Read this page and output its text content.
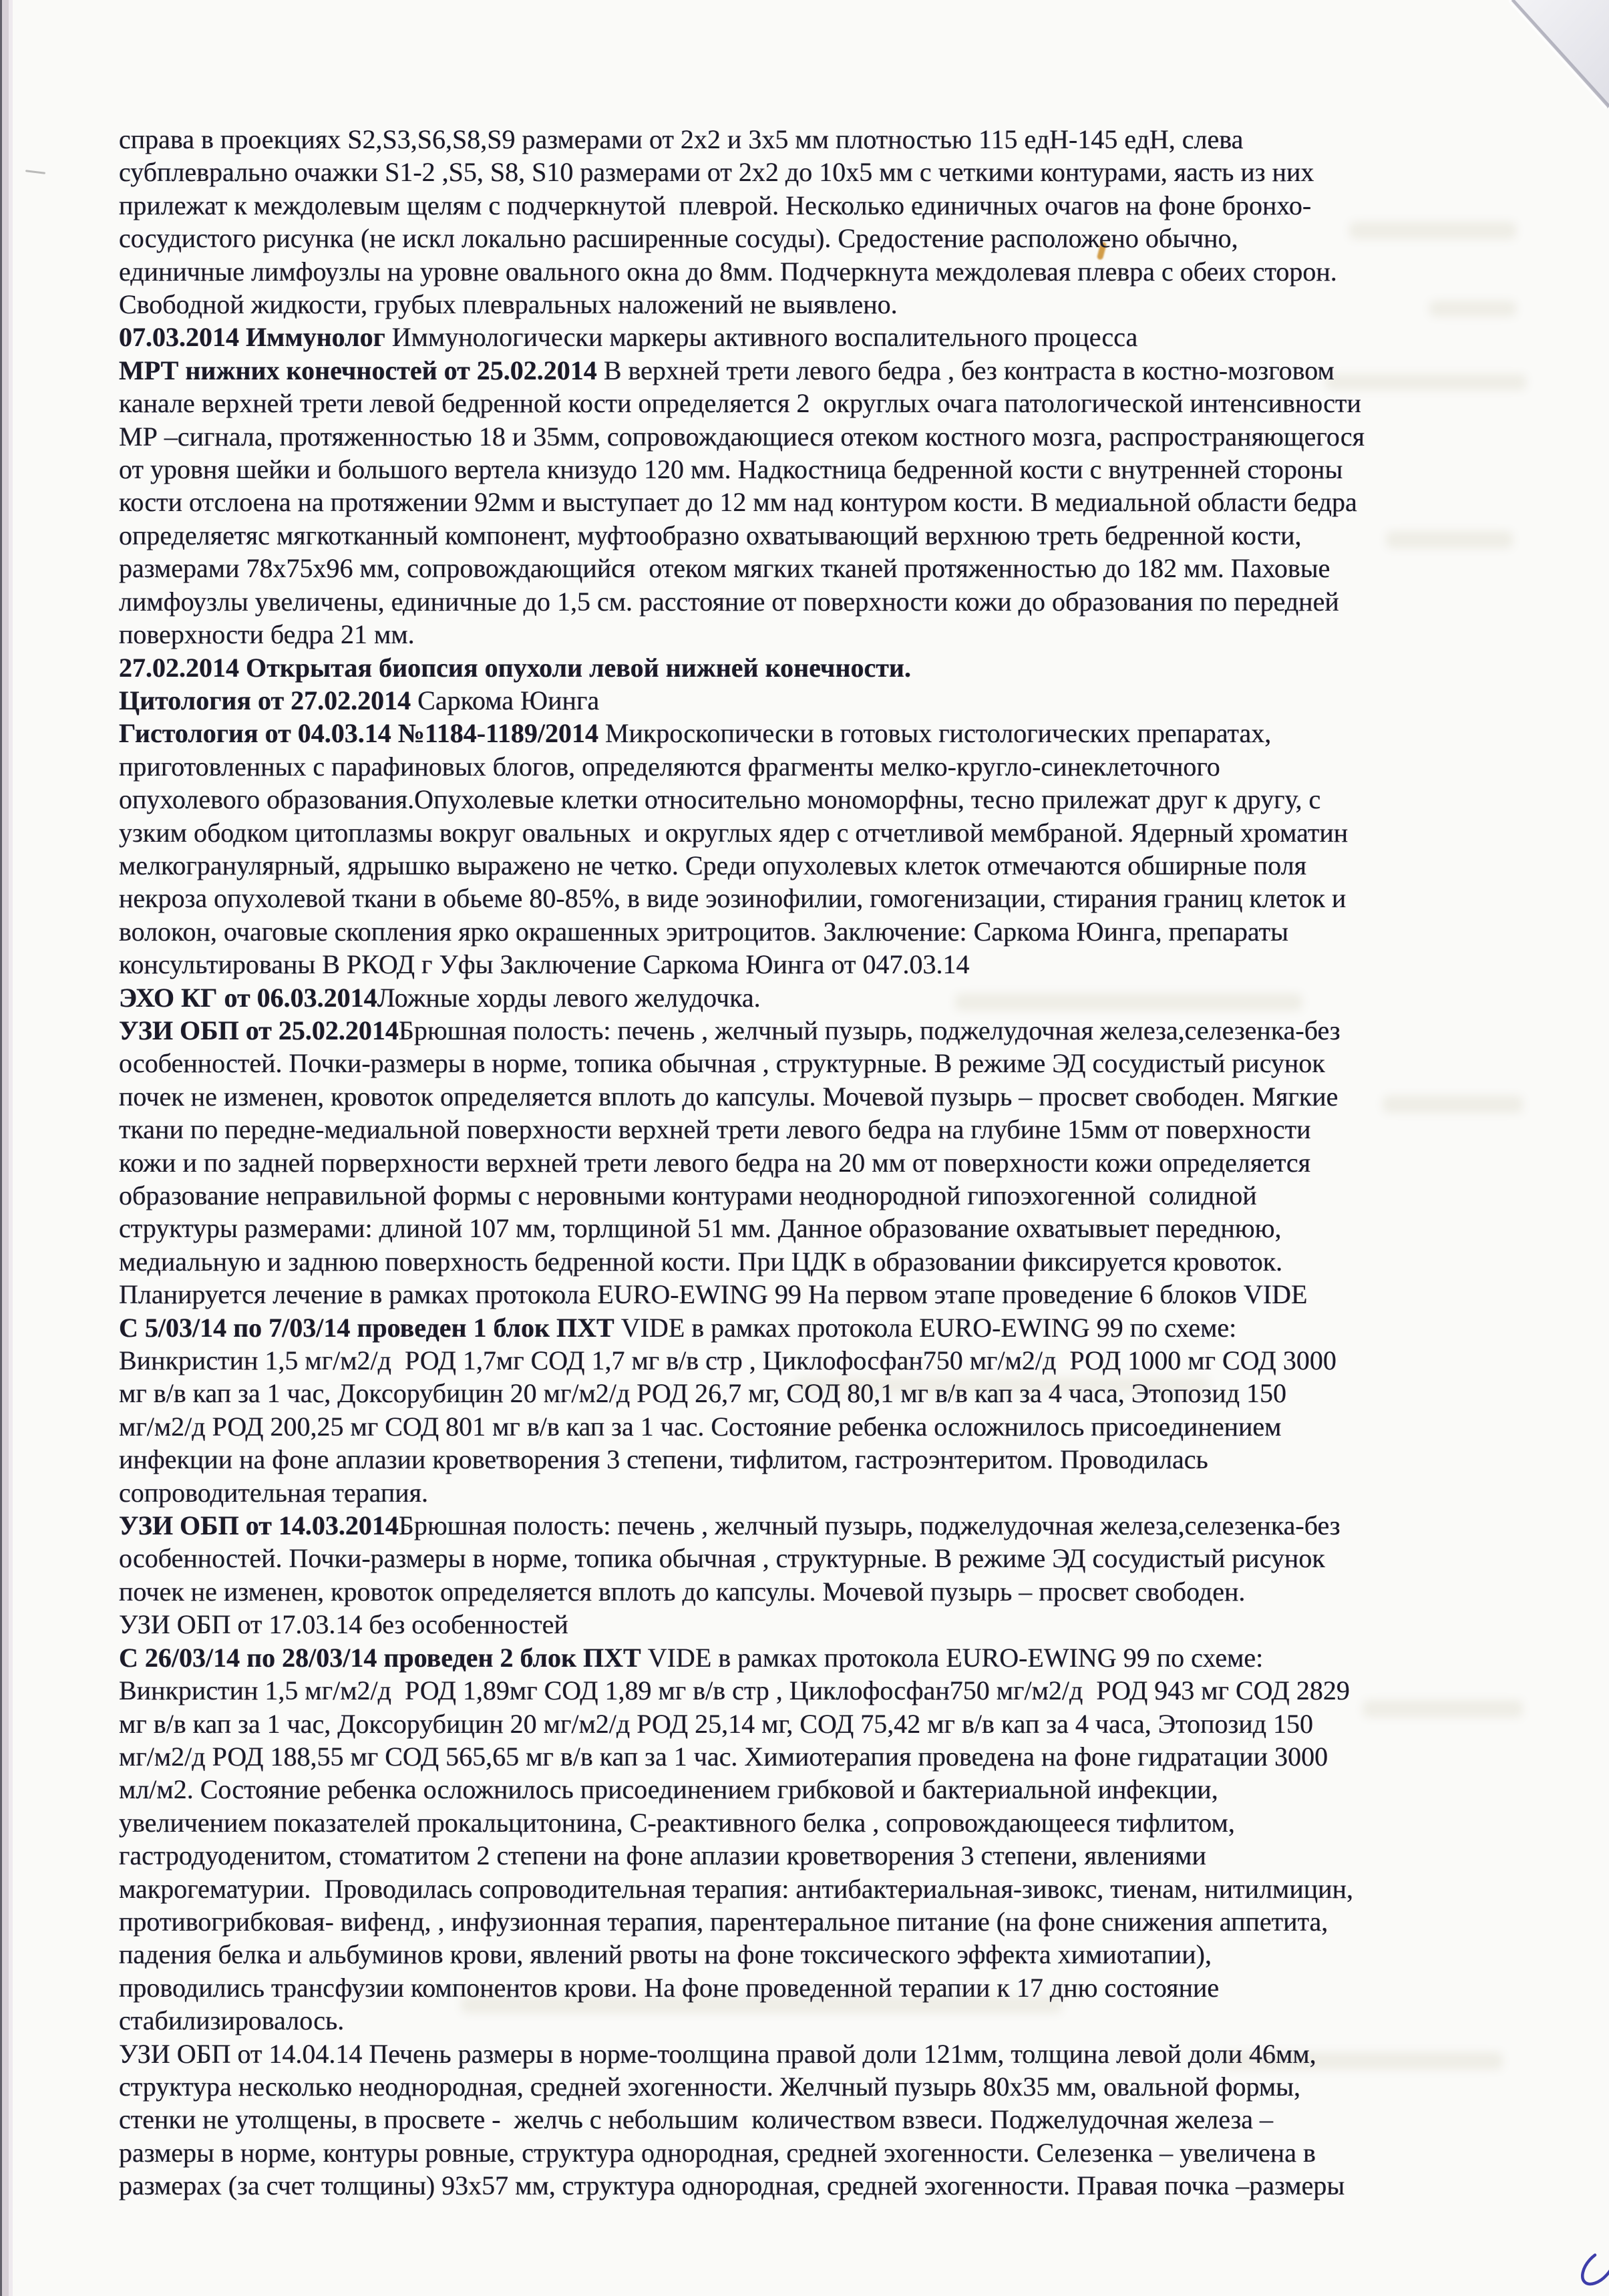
справа в проекциях S2,S3,S6,S8,S9 размерами от 2х2 и 3х5 мм плотностью 115 едН-145 едН, слева
субплеврально очажки S1-2 ,S5, S8, S10 размерами от 2х2 до 10х5 мм с четкими контурами, яасть из них
прилежат к междолевым щелям с подчеркнутой  плеврой. Несколько единичных очагов на фоне бронхо-
сосудистого рисунка (не искл локально расширенные сосуды). Средостение расположено обычно,
единичные лимфоузлы на уровне овального окна до 8мм. Подчеркнута междолевая плевра с обеих сторон.
Свободной жидкости, грубых плевральных наложений не выявлено.
07.03.2014 Иммунолог Иммунологически маркеры активного воспалительного процесса
МРТ нижних конечностей от 25.02.2014 В верхней трети левого бедра , без контраста в костно-мозговом
канале верхней трети левой бедренной кости определяется 2  округлых очага патологической интенсивности
МР –сигнала, протяженностью 18 и 35мм, сопровождающиеся отеком костного мозга, распространяющегося
от уровня шейки и большого вертела книзудо 120 мм. Надкостница бедренной кости с внутренней стороны
кости отслоена на протяжении 92мм и выступает до 12 мм над контуром кости. В медиальной области бедра
определяетяс мягкотканный компонент, муфтообразно охватывающий верхнюю треть бедренной кости,
размерами 78х75х96 мм, сопровождающийся  отеком мягких тканей протяженностью до 182 мм. Паховые
лимфоузлы увеличены, единичные до 1,5 см. расстояние от поверхности кожи до образования по передней
поверхности бедра 21 мм.
27.02.2014 Открытая биопсия опухоли левой нижней конечности.
Цитология от 27.02.2014 Саркома Юинга
Гистология от 04.03.14 №1184-1189/2014 Микроскопически в готовых гистологических препаратах,
приготовленных с парафиновых блогов, определяются фрагменты мелко-кругло-синеклеточного
опухолевого образования.Опухолевые клетки относительно мономорфны, тесно прилежат друг к другу, с
узким ободком цитоплазмы вокруг овальных  и округлых ядер с отчетливой мембраной. Ядерный хроматин
мелкогранулярный, ядрышко выражено не четко. Среди опухолевых клеток отмечаются обширные поля
некроза опухолевой ткани в обьеме 80-85%, в виде эозинофилии, гомогенизации, стирания границ клеток и
волокон, очаговые скопления ярко окрашенных эритроцитов. Заключение: Саркома Юинга, препараты
консультированы В РКОД г Уфы Заключение Саркома Юинга от 047.03.14
ЭХО КГ от 06.03.2014Ложные хорды левого желудочка.
УЗИ ОБП от 25.02.2014Брюшная полость: печень , желчный пузырь, поджелудочная железа,селезенка-без
особенностей. Почки-размеры в норме, топика обычная , структурные. В режиме ЭД сосудистый рисунок
почек не изменен, кровоток определяется вплоть до капсулы. Мочевой пузырь – просвет свободен. Мягкие
ткани по передне-медиальной поверхности верхней трети левого бедра на глубине 15мм от поверхности
кожи и по задней порверхности верхней трети левого бедра на 20 мм от поверхности кожи определяется
образование неправильной формы с неровными контурами неоднородной гипоэхогенной  солидной
структуры размерами: длиной 107 мм, торлщиной 51 мм. Данное образование охватывыет переднюю,
медиальную и заднюю поверхность бедренной кости. При ЦДК в образовании фиксируется кровоток.
Планируется лечение в рамках протокола EURO-EWING 99 На первом этапе проведение 6 блоков VIDE
С 5/03/14 по 7/03/14 проведен 1 блок ПХТ VIDE в рамках протокола EURO-EWING 99 по схеме:
Винкристин 1,5 мг/м2/д  РОД 1,7мг СОД 1,7 мг в/в стр , Циклофосфан750 мг/м2/д  РОД 1000 мг СОД 3000
мг в/в кап за 1 час, Доксорубицин 20 мг/м2/д РОД 26,7 мг, СОД 80,1 мг в/в кап за 4 часа, Этопозид 150
мг/м2/д РОД 200,25 мг СОД 801 мг в/в кап за 1 час. Состояние ребенка осложнилось присоединением
инфекции на фоне аплазии кроветворения 3 степени, тифлитом, гастроэнтеритом. Проводилась
сопроводительная терапия.
УЗИ ОБП от 14.03.2014Брюшная полость: печень , желчный пузырь, поджелудочная железа,селезенка-без
особенностей. Почки-размеры в норме, топика обычная , структурные. В режиме ЭД сосудистый рисунок
почек не изменен, кровоток определяется вплоть до капсулы. Мочевой пузырь – просвет свободен.
УЗИ ОБП от 17.03.14 без особенностей
С 26/03/14 по 28/03/14 проведен 2 блок ПХТ VIDE в рамках протокола EURO-EWING 99 по схеме:
Винкристин 1,5 мг/м2/д  РОД 1,89мг СОД 1,89 мг в/в стр , Циклофосфан750 мг/м2/д  РОД 943 мг СОД 2829
мг в/в кап за 1 час, Доксорубицин 20 мг/м2/д РОД 25,14 мг, СОД 75,42 мг в/в кап за 4 часа, Этопозид 150
мг/м2/д РОД 188,55 мг СОД 565,65 мг в/в кап за 1 час. Химиотерапия проведена на фоне гидратации 3000
мл/м2. Состояние ребенка осложнилось присоединением грибковой и бактериальной инфекции,
увеличением показателей прокальцитонина, С-реактивного белка , сопровождающееся тифлитом,
гастродуоденитом, стоматитом 2 степени на фоне аплазии кроветворения 3 степени, явлениями
макрогематурии.  Проводилась сопроводительная терапия: антибактериальная-зивокс, тиенам, нитилмицин,
противогрибковая- вифенд, , инфузионная терапия, парентеральное питание (на фоне снижения аппетита,
падения белка и альбуминов крови, явлений рвоты на фоне токсического эффекта химиотапии),
проводились трансфузии компонентов крови. На фоне проведенной терапии к 17 дню состояние
стабилизировалось.
УЗИ ОБП от 14.04.14 Печень размеры в норме-тоолщина правой доли 121мм, толщина левой доли 46мм,
структура несколько неоднородная, средней эхогенности. Желчный пузырь 80х35 мм, овальной формы,
стенки не утолщены, в просвете -  желчь с небольшим  количеством взвеси. Поджелудочная железа –
размеры в норме, контуры ровные, структура однородная, средней эхогенности. Селезенка – увеличена в
размерах (за счет толщины) 93х57 мм, структура однородная, средней эхогенности. Правая почка –размеры
